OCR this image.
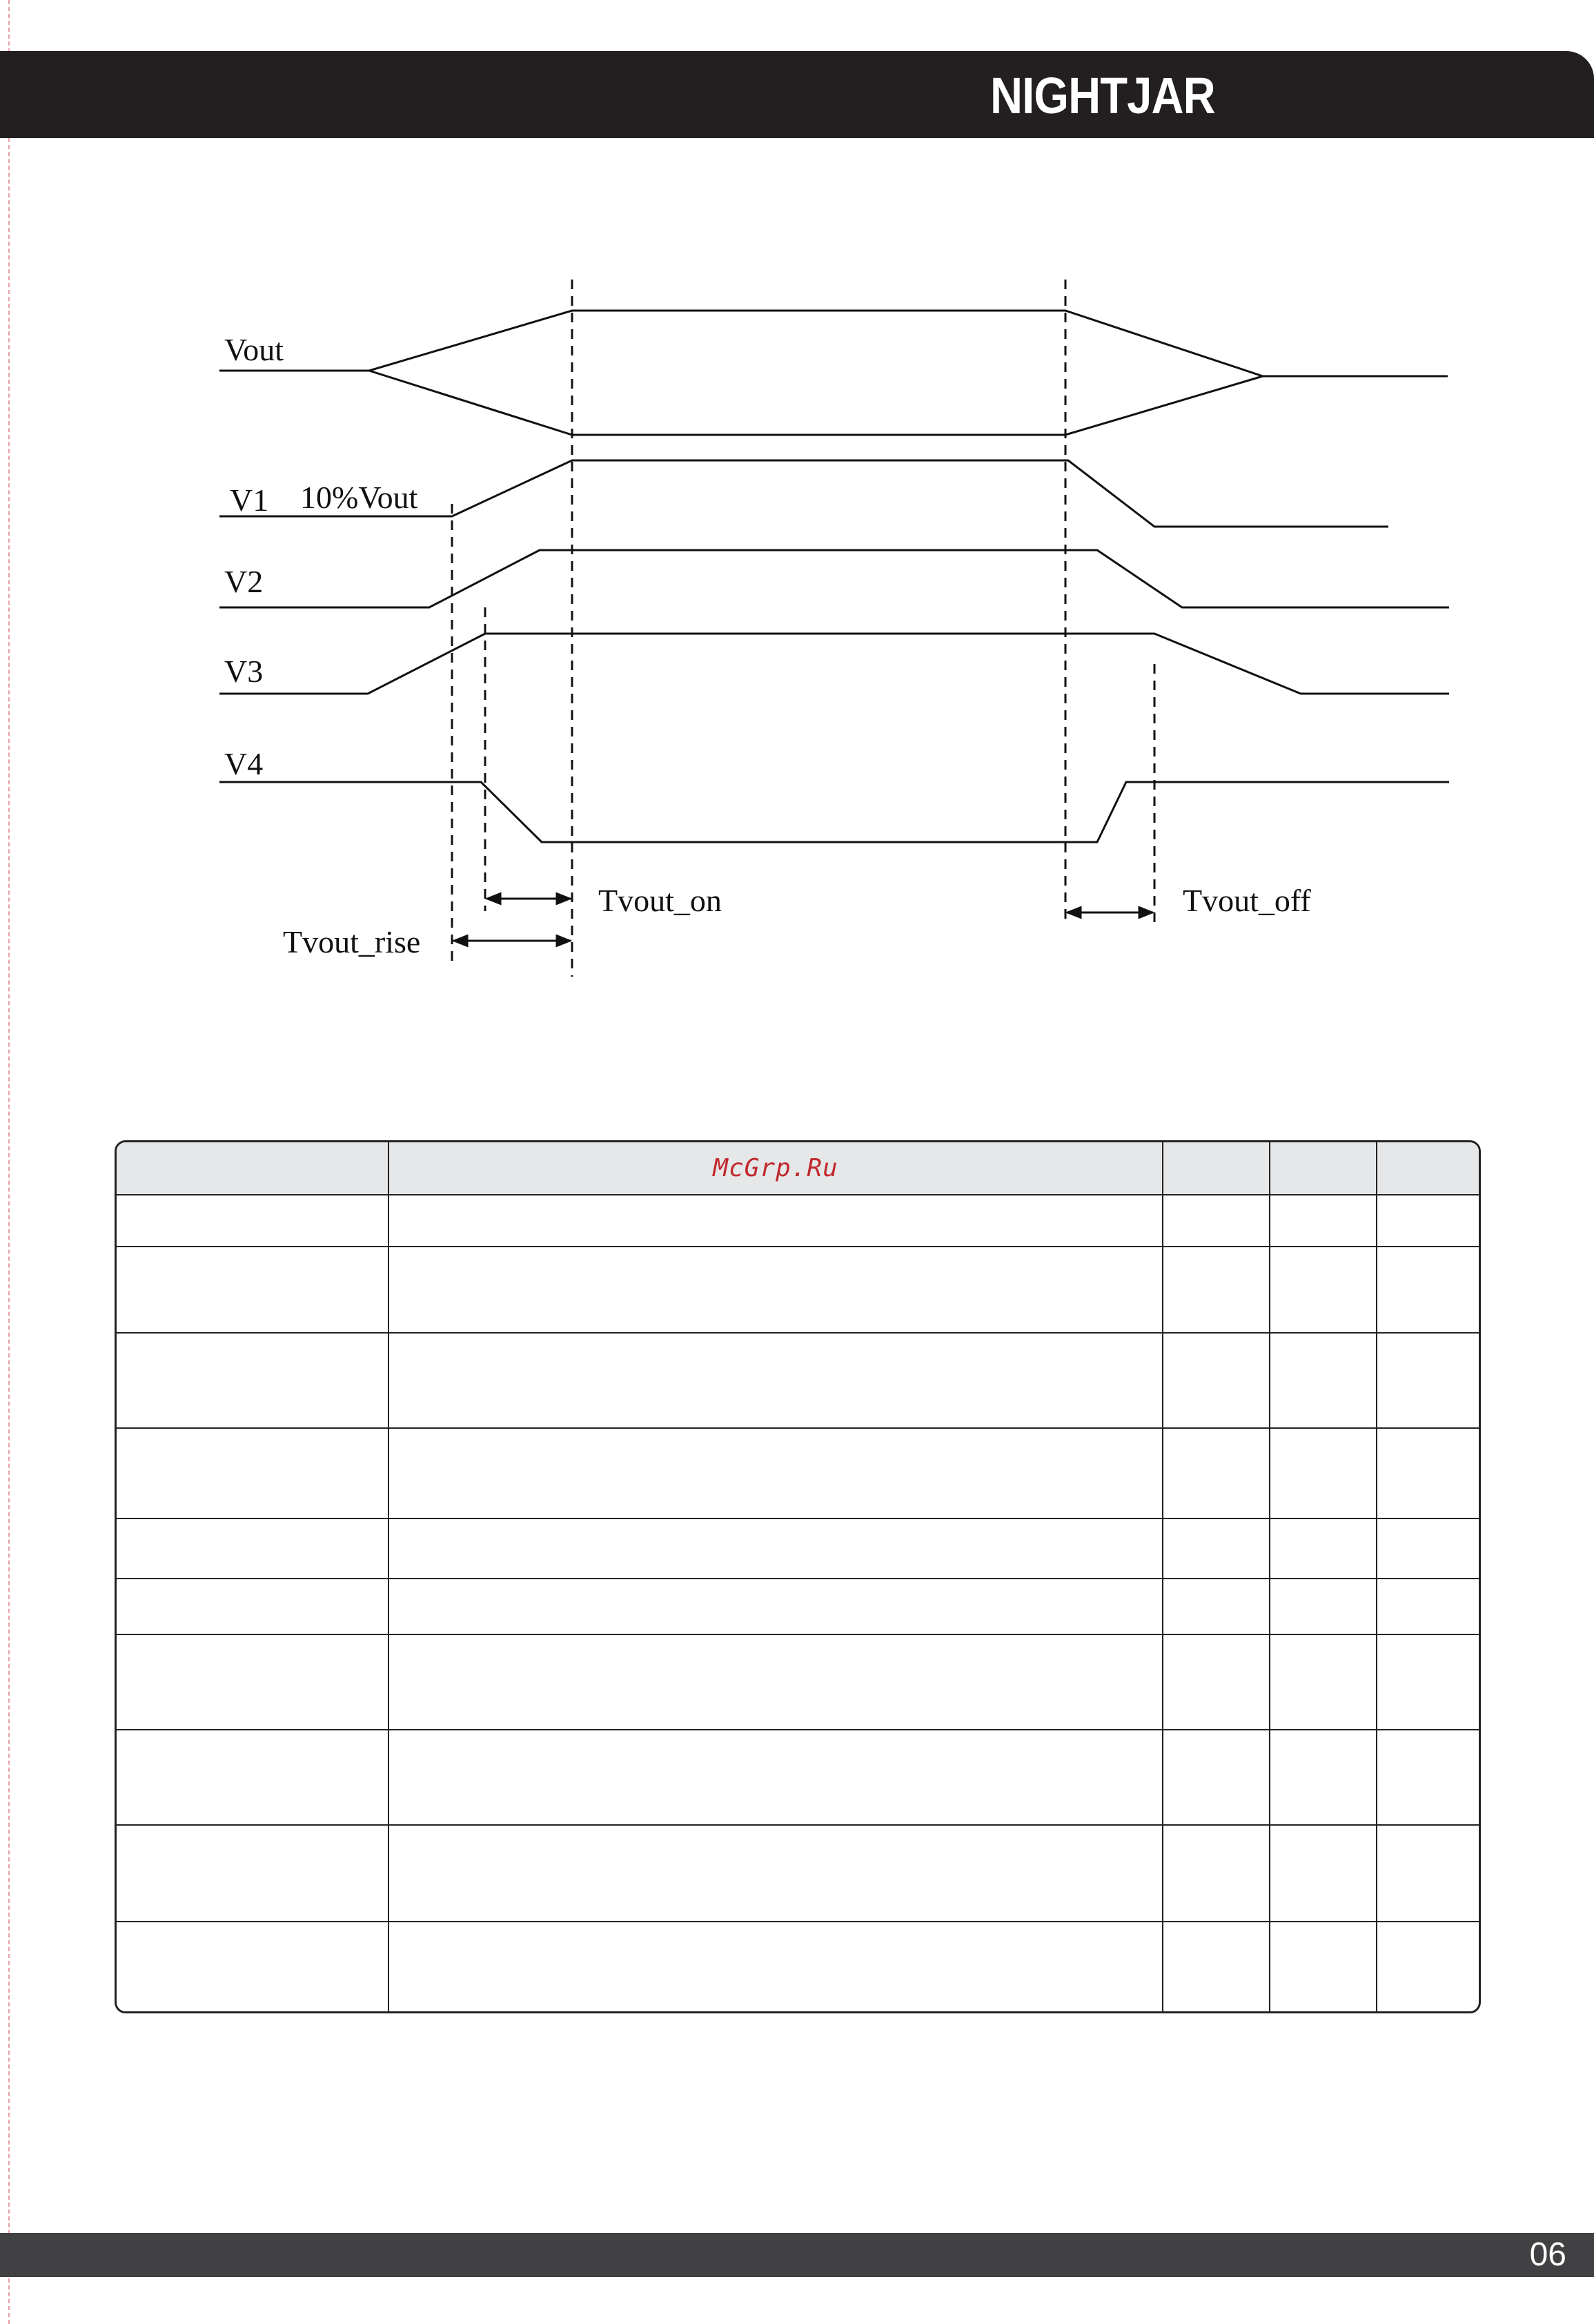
NIGHTJAR
Vout
V1 10%Vout
V2
V3
V4
Tvout_on	Tvout_off
Tvout_rise
	McGrp.Ru			

06
